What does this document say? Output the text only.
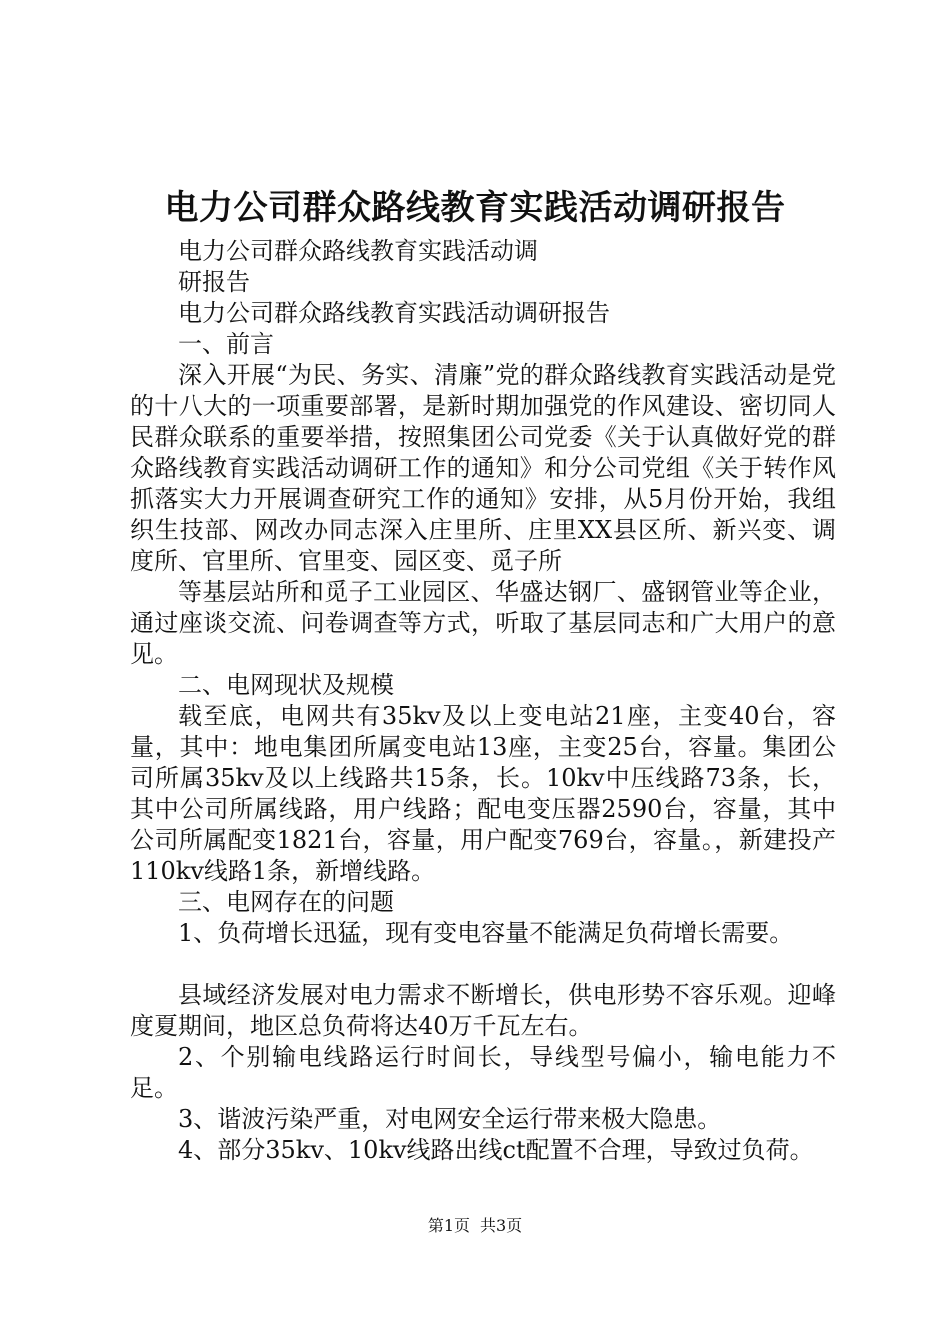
电力公司群众路线教育实践活动调研报告

电力公司群众路线教育实践活动调

研报告

电力公司群众路线教育实践活动调研报告

一、前言

深入开展“为民、务实、清廉”党的群众路线教育实践活动是党的十八大的一项重要部署，是新时期加强党的作风建设、密切同人民群众联系的重要举措，按照集团公司党委《关于认真做好党的群众路线教育实践活动调研工作的通知》和分公司党组《关于转作风抓落实大力开展调查研究工作的通知》安排，从5月份开始，我组织生技部、网改办同志深入庄里所、庄里XX县区所、新兴变、调度所、官里所、官里变、园区变、觅子所

等基层站所和觅子工业园区、华盛达钢厂、盛钢管业等企业，通过座谈交流、问卷调查等方式，听取了基层同志和广大用户的意见。

二、电网现状及规模

载至底，电网共有35kv及以上变电站21座，主变40台，容量，其中：地电集团所属变电站13座，主变25台，容量。集团公司所属35kv及以上线路共15条，长。10kv中压线路73条，长，其中公司所属线路，用户线路；配电变压器2590台，容量，其中公司所属配变1821台，容量，用户配变769台，容量。，新建投产110kv线路1条，新增线路。

三、电网存在的问题

1、负荷增长迅猛，现有变电容量不能满足负荷增长需要。

县域经济发展对电力需求不断增长，供电形势不容乐观。迎峰度夏期间，地区总负荷将达40万千瓦左右。

2、个别输电线路运行时间长，导线型号偏小，输电能力不足。

3、谐波污染严重，对电网安全运行带来极大隐患。

4、部分35kv、10kv线路出线ct配置不合理，导致过负荷。

第1页 共3页
